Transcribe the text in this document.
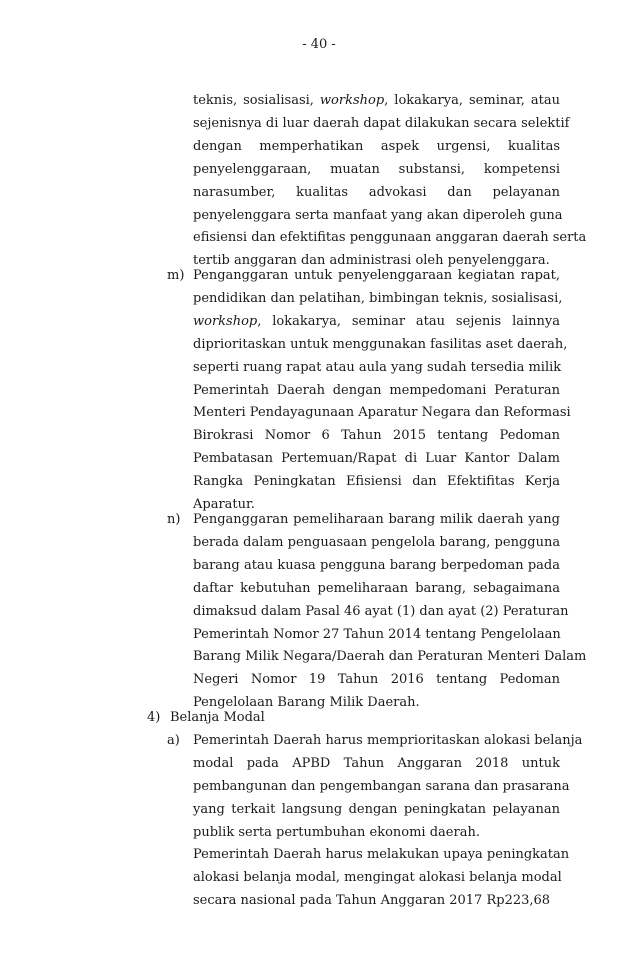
- 40 -
teknis, sosialisasi, workshop, lokakarya, seminar, atau
sejenisnya di luar daerah dapat dilakukan secara selektif
dengan memperhatikan aspek urgensi, kualitas
penyelenggaraan, muatan substansi, kompetensi
narasumber, kualitas advokasi dan pelayanan
penyelenggara serta manfaat yang akan diperoleh guna
efisiensi dan efektifitas penggunaan anggaran daerah serta
tertib anggaran dan administrasi oleh penyelenggara.
m) Penganggaran untuk penyelenggaraan kegiatan rapat,
pendidikan dan pelatihan, bimbingan teknis, sosialisasi,
workshop, lokakarya, seminar atau sejenis lainnya
diprioritaskan untuk menggunakan fasilitas aset daerah,
seperti ruang rapat atau aula yang sudah tersedia milik
Pemerintah Daerah dengan mempedomani Peraturan
Menteri Pendayagunaan Aparatur Negara dan Reformasi
Birokrasi Nomor 6 Tahun 2015 tentang Pedoman
Pembatasan Pertemuan/Rapat di Luar Kantor Dalam
Rangka Peningkatan Efisiensi dan Efektifitas Kerja
Aparatur.
n) Penganggaran pemeliharaan barang milik daerah yang
berada dalam penguasaan pengelola barang, pengguna
barang atau kuasa pengguna barang berpedoman pada
daftar kebutuhan pemeliharaan barang, sebagaimana
dimaksud dalam Pasal 46 ayat (1) dan ayat (2) Peraturan
Pemerintah Nomor 27 Tahun 2014 tentang Pengelolaan
Barang Milik Negara/Daerah dan Peraturan Menteri Dalam
Negeri Nomor 19 Tahun 2016 tentang Pedoman
Pengelolaan Barang Milik Daerah.
4) Belanja Modal
a) Pemerintah Daerah harus memprioritaskan alokasi belanja
modal pada APBD Tahun Anggaran 2018 untuk
pembangunan dan pengembangan sarana dan prasarana
yang terkait langsung dengan peningkatan pelayanan
publik serta pertumbuhan ekonomi daerah.
Pemerintah Daerah harus melakukan upaya peningkatan
alokasi belanja modal, mengingat alokasi belanja modal
secara nasional pada Tahun Anggaran 2017 Rp223,68
